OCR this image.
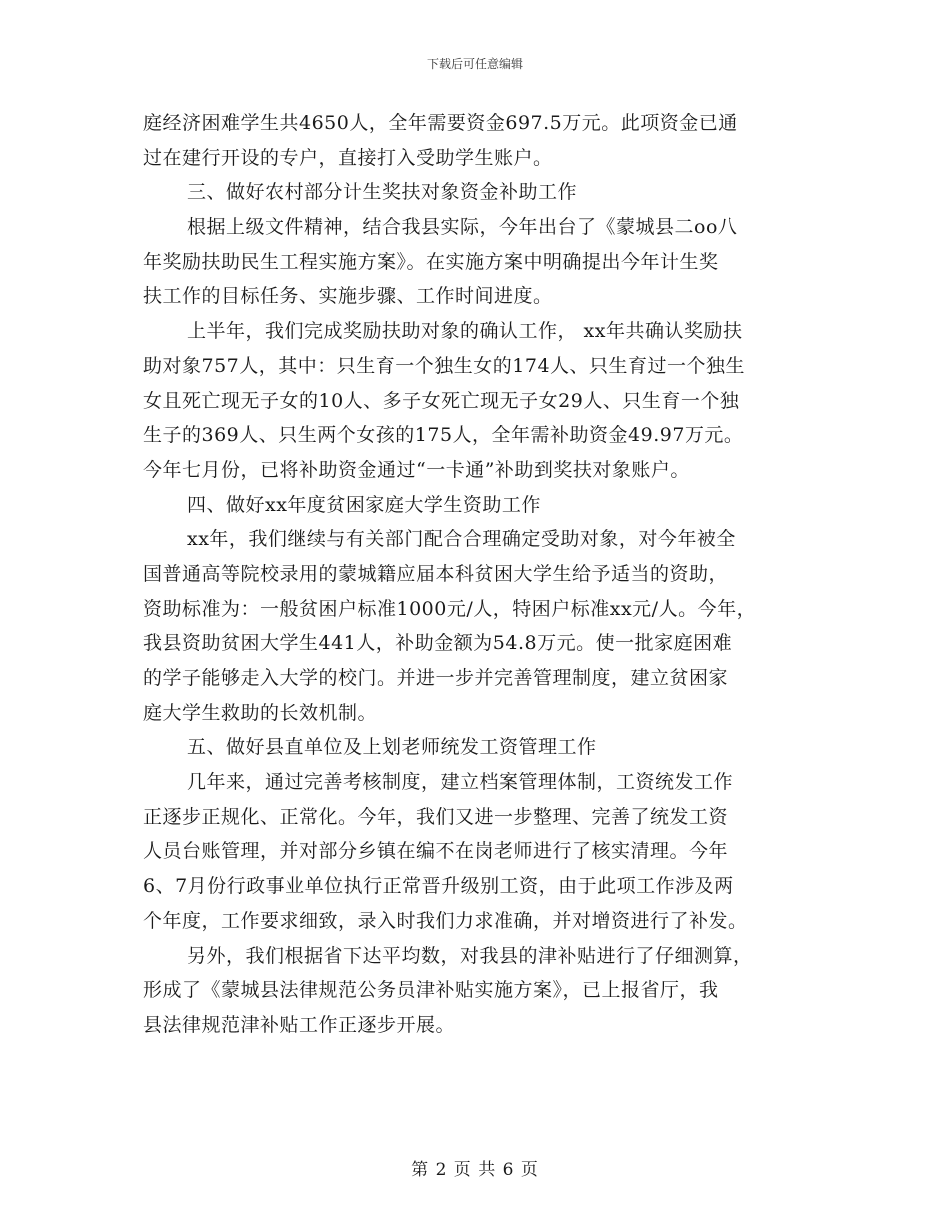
下载后可任意编辑
庭经济困难学生共4650人，全年需要资金697.5万元。此项资金已通
过在建行开设的专户，直接打入受助学生账户。
三、做好农村部分计生奖扶对象资金补助工作
根据上级文件精神，结合我县实际，今年出台了《蒙城县二oo八
年奖励扶助民生工程实施方案》。在实施方案中明确提出今年计生奖
扶工作的目标任务、实施步骤、工作时间进度。
上半年，我们完成奖励扶助对象的确认工作， xx年共确认奖励扶
助对象757人，其中：只生育一个独生女的174人、只生育过一个独生
女且死亡现无子女的10人、多子女死亡现无子女29人、只生育一个独
生子的369人、只生两个女孩的175人，全年需补助资金49.97万元。
今年七月份，已将补助资金通过“一卡通”补助到奖扶对象账户。
四、做好xx年度贫困家庭大学生资助工作
xx年，我们继续与有关部门配合合理确定受助对象，对今年被全
国普通高等院校录用的蒙城籍应届本科贫困大学生给予适当的资助，
资助标准为：一般贫困户标准1000元/人，特困户标准xx元/人。今年，
我县资助贫困大学生441人，补助金额为54.8万元。使一批家庭困难
的学子能够走入大学的校门。并进一步并完善管理制度，建立贫困家
庭大学生救助的长效机制。
五、做好县直单位及上划老师统发工资管理工作
几年来，通过完善考核制度，建立档案管理体制，工资统发工作
正逐步正规化、正常化。今年，我们又进一步整理、完善了统发工资
人员台账管理，并对部分乡镇在编不在岗老师进行了核实清理。今年
6、7月份行政事业单位执行正常晋升级别工资，由于此项工作涉及两
个年度，工作要求细致，录入时我们力求准确，并对增资进行了补发。
另外，我们根据省下达平均数，对我县的津补贴进行了仔细测算，
形成了《蒙城县法律规范公务员津补贴实施方案》，已上报省厅，我
县法律规范津补贴工作正逐步开展。
第 2 页 共 6 页
